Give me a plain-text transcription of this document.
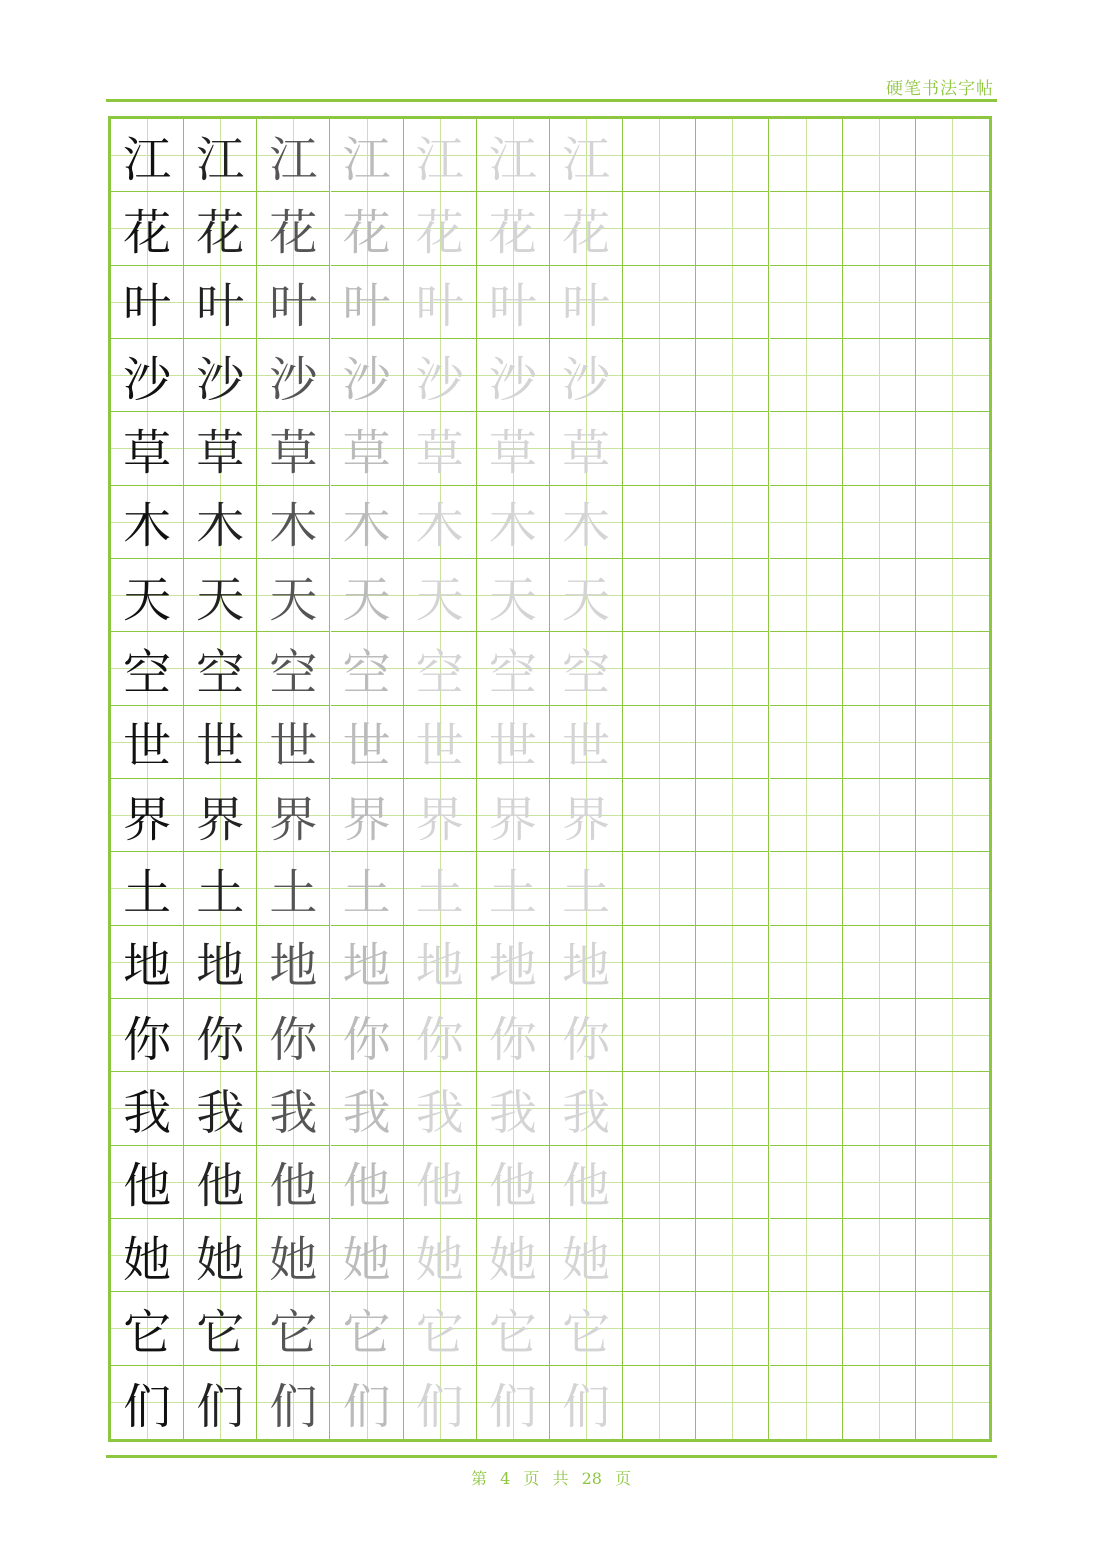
硬笔书法字帖
江 江 江 江 江 江 江
花 花 花 花 花 花 花
叶 叶 叶 叶 叶 叶 叶
沙 沙 沙 沙 沙 沙 沙
草 草 草 草 草 草 草
木 木 木 木 木 木 木
天 天 天 天 天 天 天
空 空 空 空 空 空 空
世 世 世 世 世 世 世
界 界 界 界 界 界 界
土 土 土 土 土 土 土
地 地 地 地 地 地 地
你 你 你 你 你 你 你
我 我 我 我 我 我 我
他 他 他 他 他 他 他
她 她 她 她 她 她 她
它 它 它 它 它 它 它
们 们 们 们 们 们 们
第 4 页 共 28 页
